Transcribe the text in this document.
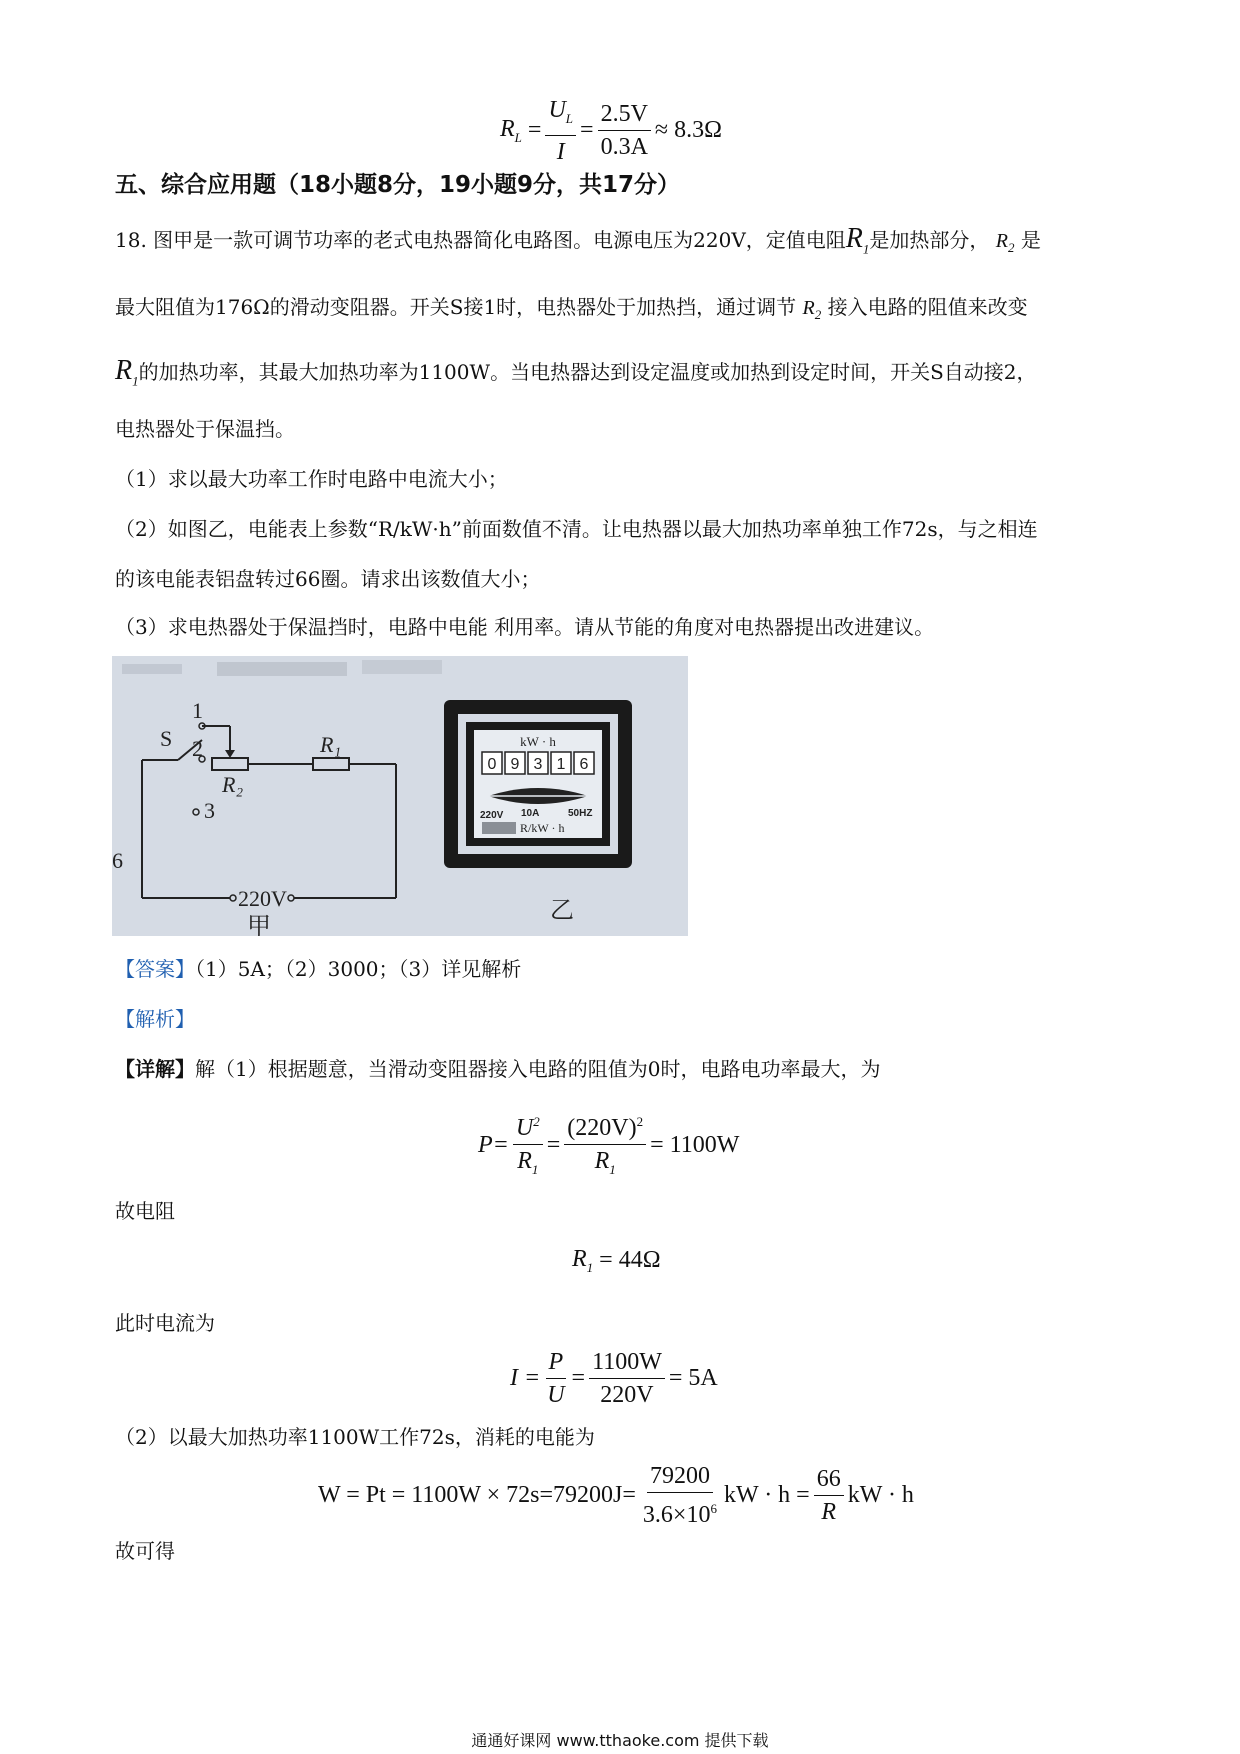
$R_L = \frac{U_L}{I} = \frac{2.5V}{0.3A} \approx 8.3\Omega$
五、综合应用题（18小题8分，19小题9分，共17分）
18. 图甲是一款可调节功率的老式电热器简化电路图。电源电压为220V，定值电阻$R_1$是加热部分， $R_2$ 是
最大阻值为176Ω的滑动变阻器。开关S接1时，电热器处于加热挡，通过调节 $R_2$ 接入电路的阻值来改变
$R_1$的加热功率，其最大加热功率为1100W。当电热器达到设定温度或加热到设定时间，开关S自动接2，
电热器处于保温挡。
（1）求以最大功率工作时电路中电流大小；
（2）如图乙，电能表上参数“R/kW·h”前面数值不清。让电热器以最大加热功率单独工作72s，与之相连
的该电能表铝盘转过66圈。请求出该数值大小；
（3）求电热器处于保温挡时，电路中电能 利用率。请从节能的角度对电热器提出改进建议。
S
1
2
3
R₁
R₂
220V
甲
乙
6
kW · h
0 9 3 1 6
220V 10A	50HZ
R/kW · h
【答案】（1）5A；（2）3000；（3）详见解析
【解析】
【详解】解（1）根据题意，当滑动变阻器接入电路的阻值为0时，电路电功率最大，为
$P= \frac{U^2}{R_1} = \frac{(220V)^2}{R_1} = 1100W$
故电阻
$R_1$
= 44Ω
此时电流为
$I = \frac{P}{U} = \frac{1100W}{220V} = 5A$
（2）以最大加热功率1100W工作72s，消耗的电能为
$W = Pt = 1100W \times 72s=79200J= \frac{79200}{3.6\times 10^6}$ kW · $h = \frac{66}{R}$ kW · h
故可得
通通好课网 www.tthaoke.com 提供下载
